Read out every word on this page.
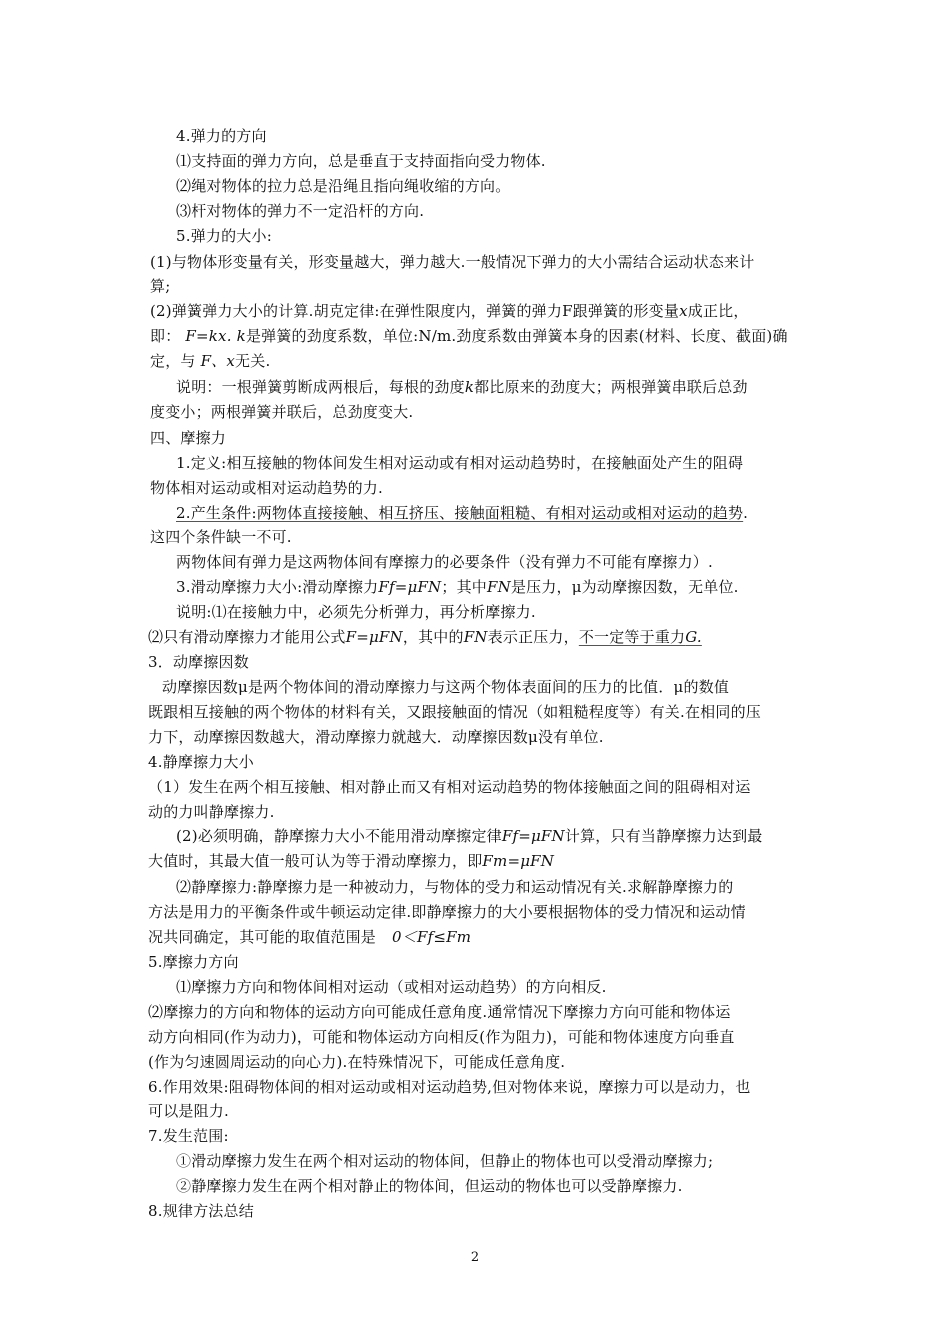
4.弹力的方向
⑴支持面的弹力方向，总是垂直于支持面指向受力物体.
⑵绳对物体的拉力总是沿绳且指向绳收缩的方向。
⑶杆对物体的弹力不一定沿杆的方向.
5.弹力的大小:
(1)与物体形变量有关，形变量越大，弹力越大.一般情况下弹力的大小需结合运动状态来计
算;
(2)弹簧弹力大小的计算.胡克定律:在弹性限度内，弹簧的弹力F跟弹簧的形变量x成正比，
即： F=kx. k是弹簧的劲度系数，单位:N/m.劲度系数由弹簧本身的因素(材料、长度、截面)确
定，与 F、x无关.
说明：一根弹簧剪断成两根后，每根的劲度k都比原来的劲度大；两根弹簧串联后总劲
度变小；两根弹簧并联后，总劲度变大.
四、摩擦力
1.定义:相互接触的物体间发生相对运动或有相对运动趋势时，在接触面处产生的阻碍
物体相对运动或相对运动趋势的力.
2.产生条件:两物体直接接触、相互挤压、接触面粗糙、有相对运动或相对运动的趋势.
这四个条件缺一不可.
两物体间有弹力是这两物体间有摩擦力的必要条件（没有弹力不可能有摩擦力）.
3.滑动摩擦力大小:滑动摩擦力Ff=μFN；其中FN是压力，μ为动摩擦因数，无单位.
说明:⑴在接触力中，必须先分析弹力，再分析摩擦力.
⑵只有滑动摩擦力才能用公式F=μFN，其中的FN表示正压力，不一定等于重力G.
3．动摩擦因数
动摩擦因数μ是两个物体间的滑动摩擦力与这两个物体表面间的压力的比值．μ的数值
既跟相互接触的两个物体的材料有关，又跟接触面的情况（如粗糙程度等）有关.在相同的压
力下，动摩擦因数越大，滑动摩擦力就越大．动摩擦因数μ没有单位.
4.静摩擦力大小
（1）发生在两个相互接触、相对静止而又有相对运动趋势的物体接触面之间的阻碍相对运
动的力叫静摩擦力.
(2)必须明确，静摩擦力大小不能用滑动摩擦定律Ff=μFN计算，只有当静摩擦力达到最
大值时，其最大值一般可认为等于滑动摩擦力，即Fm=μFN
⑵静摩擦力:静摩擦力是一种被动力，与物体的受力和运动情况有关.求解静摩擦力的
方法是用力的平衡条件或牛顿运动定律.即静摩擦力的大小要根据物体的受力情况和运动情
况共同确定，其可能的取值范围是 0＜Ff≤Fm
5.摩擦力方向
⑴摩擦力方向和物体间相对运动（或相对运动趋势）的方向相反.
⑵摩擦力的方向和物体的运动方向可能成任意角度.通常情况下摩擦力方向可能和物体运
动方向相同(作为动力)，可能和物体运动方向相反(作为阻力)，可能和物体速度方向垂直
(作为匀速圆周运动的向心力).在特殊情况下，可能成任意角度.
6.作用效果:阻碍物体间的相对运动或相对运动趋势,但对物体来说，摩擦力可以是动力，也
可以是阻力.
7.发生范围:
①滑动摩擦力发生在两个相对运动的物体间，但静止的物体也可以受滑动摩擦力;
②静摩擦力发生在两个相对静止的物体间，但运动的物体也可以受静摩擦力.
8.规律方法总结
2
